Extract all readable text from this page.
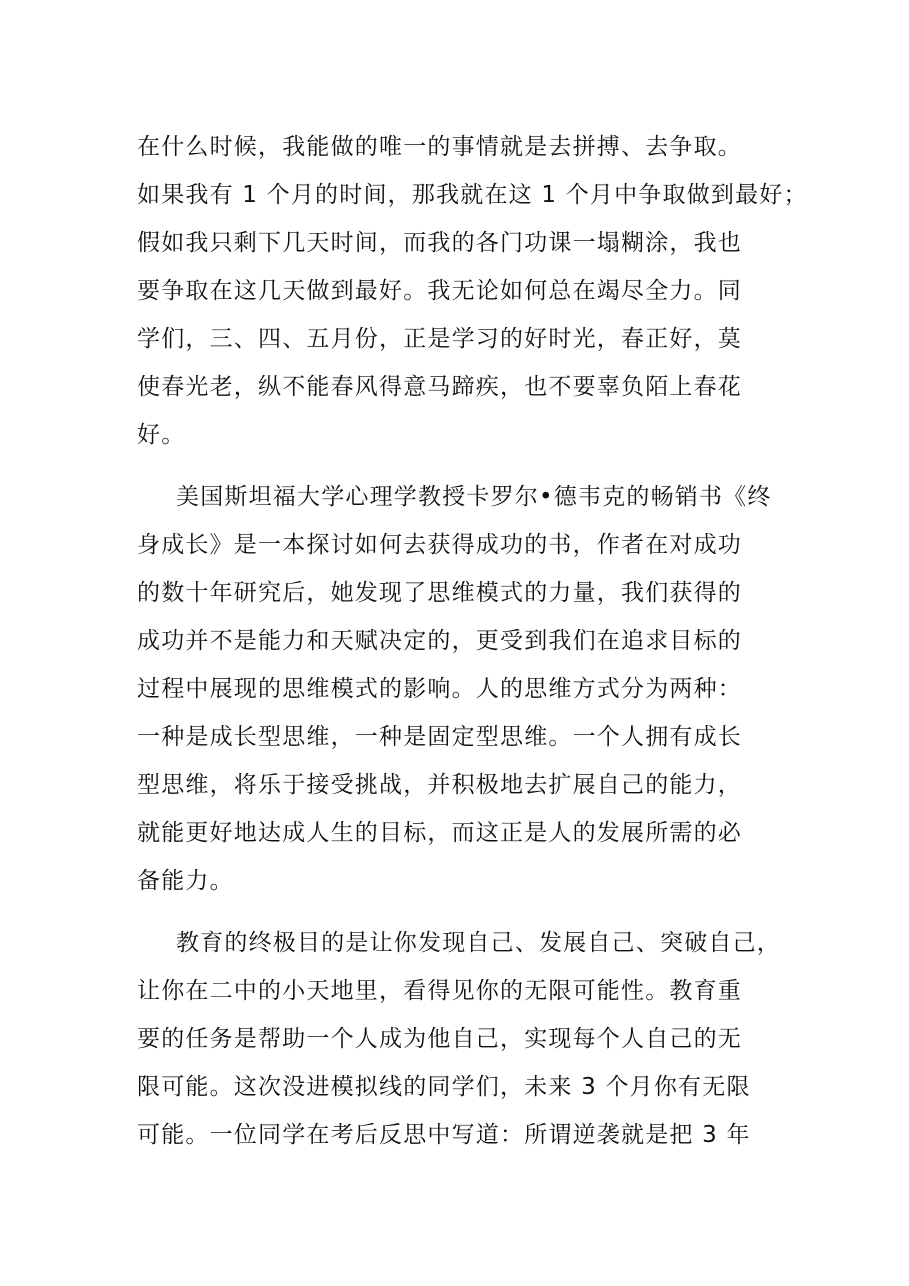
在什么时候，我能做的唯一的事情就是去拼搏、去争取。
如果我有 1 个月的时间，那我就在这 1 个月中争取做到最好；
假如我只剩下几天时间，而我的各门功课一塌糊涂，我也
要争取在这几天做到最好。我无论如何总在竭尽全力。同
学们，三、四、五月份，正是学习的好时光，春正好，莫
使春光老，纵不能春风得意马蹄疾，也不要辜负陌上春花
好。
美国斯坦福大学心理学教授卡罗尔•德韦克的畅销书《终
身成长》是一本探讨如何去获得成功的书，作者在对成功
的数十年研究后，她发现了思维模式的力量，我们获得的
成功并不是能力和天赋决定的，更受到我们在追求目标的
过程中展现的思维模式的影响。人的思维方式分为两种：
一种是成长型思维，一种是固定型思维。一个人拥有成长
型思维，将乐于接受挑战，并积极地去扩展自己的能力，
就能更好地达成人生的目标，而这正是人的发展所需的必
备能力。
教育的终极目的是让你发现自己、发展自己、突破自己，
让你在二中的小天地里，看得见你的无限可能性。教育重
要的任务是帮助一个人成为他自己，实现每个人自己的无
限可能。这次没进模拟线的同学们，未来 3 个月你有无限
可能。一位同学在考后反思中写道：所谓逆袭就是把 3 年
